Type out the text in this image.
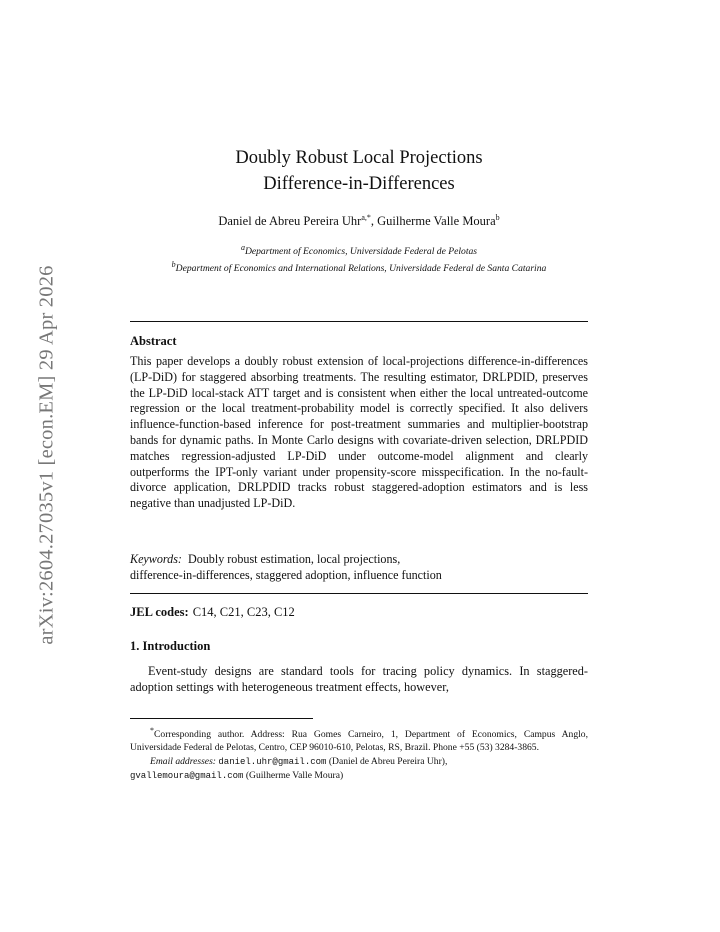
arXiv:2604.27035v1 [econ.EM] 29 Apr 2026
Doubly Robust Local Projections
Difference-in-Differences
Daniel de Abreu Pereira Uhr$^{a,*}$, Guilherme Valle Moura$^b$
$^a$Department of Economics, Universidade Federal de Pelotas
$^b$Department of Economics and International Relations, Universidade Federal de Santa Catarina
Abstract
This paper develops a doubly robust extension of local-projections difference-in-differences (LP-DiD) for staggered absorbing treatments. The resulting estimator, DRLPDID, preserves the LP-DiD local-stack ATT target and is consistent when either the local untreated-outcome regression or the local treatment-probability model is correctly specified. It also delivers influence-function-based inference for post-treatment summaries and multiplier-bootstrap bands for dynamic paths. In Monte Carlo designs with covariate-driven selection, DRLPDID matches regression-adjusted LP-DiD under outcome-model alignment and clearly outperforms the IPT-only variant under propensity-score misspecification. In the no-fault-divorce application, DRLPDID tracks robust staggered-adoption estimators and is less negative than unadjusted LP-DiD.
Keywords: Doubly robust estimation, local projections,
difference-in-differences, staggered adoption, influence function
JEL codes: C14, C21, C23, C12
1. Introduction
Event-study designs are standard tools for tracing policy dynamics. In staggered-adoption settings with heterogeneous treatment effects, however,

*Corresponding author. Address: Rua Gomes Carneiro, 1, Department of Economics, Campus Anglo, Universidade Federal de Pelotas, Centro, CEP 96010-610, Pelotas, RS, Brazil. Phone +55 (53) 3284-3865.

Email addresses: daniel.uhr@gmail.com (Daniel de Abreu Pereira Uhr),

gvallemoura@gmail.com (Guilherme Valle Moura)
